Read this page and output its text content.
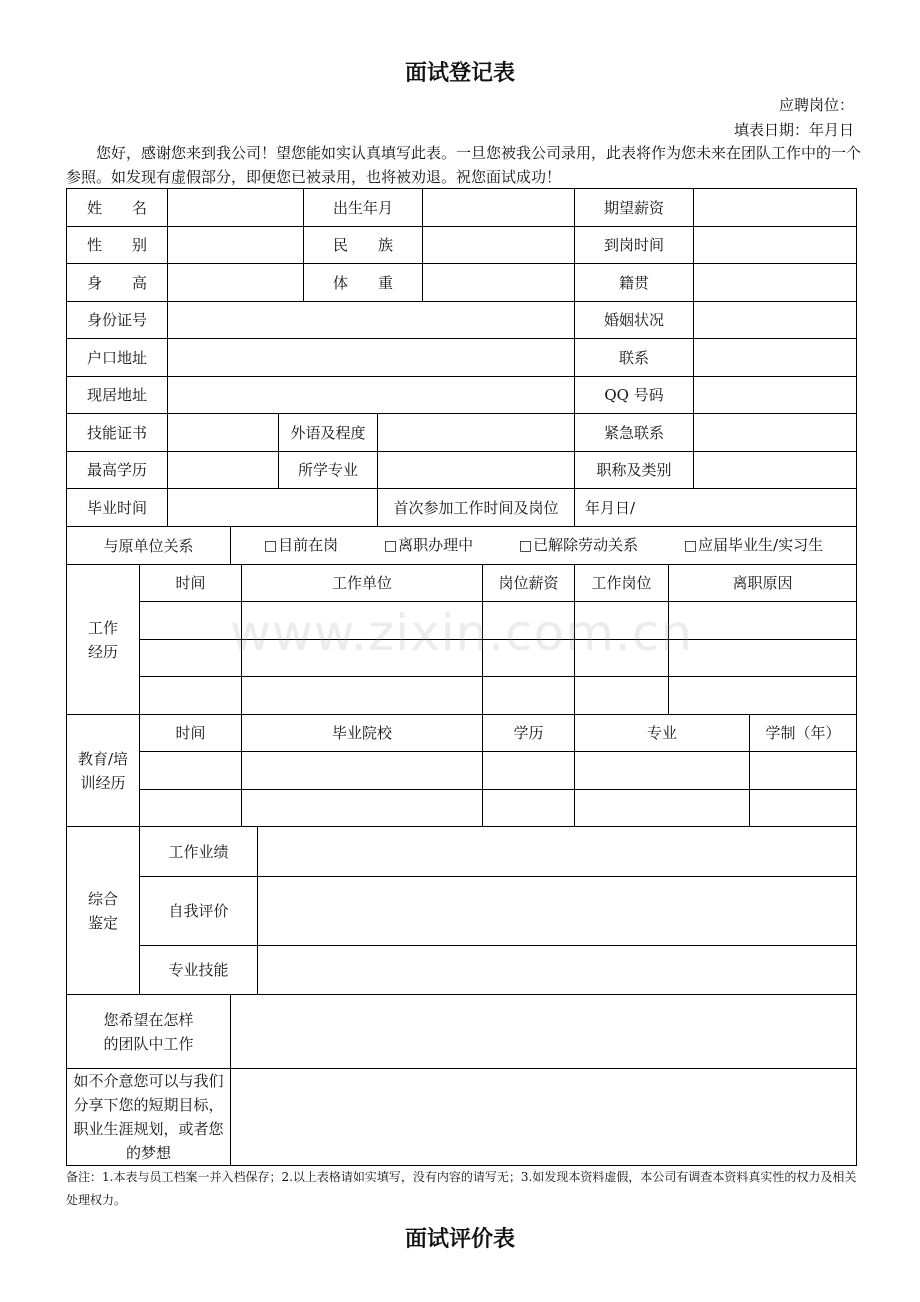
面试登记表
应聘岗位：
填表日期：年月日
您好，感谢您来到我公司！望您能如实认真填写此表。一旦您被我公司录用，此表将作为您未来在团队工作中的一个参照。如发现有虚假部分，即便您已被录用，也将被劝退。祝您面试成功！
www.zixin.com.cn
姓　　名	出生年月	期望薪资
性　　别	民　　族	到岗时间
身　　高	体　　重	籍贯
身份证号	婚姻状况
户口地址	联系
现居地址	QQ 号码
技能证书	外语及程度	紧急联系
最高学历	所学专业	职称及类别
毕业时间	首次参加工作时间及岗位	年月日/
与原单位关系	□目前在岗	□离职办理中	□已解除劳动关系	□应届毕业生/实习生
工作
经历
时间	工作单位	岗位薪资	工作岗位	离职原因
教育/培
训经历
时间	毕业院校	学历	专业	学制（年）
综合
鉴定
工作业绩
自我评价
专业技能
您希望在怎样
的团队中工作
如不介意您可以与我们分享下您的短期目标，职业生涯规划，或者您的梦想
备注：1.本表与员工档案一并入档保存；2.以上表格请如实填写，没有内容的请写无；3.如发现本资料虚假，本公司有调查本资料真实性的权力及相关处理权力。
面试评价表
